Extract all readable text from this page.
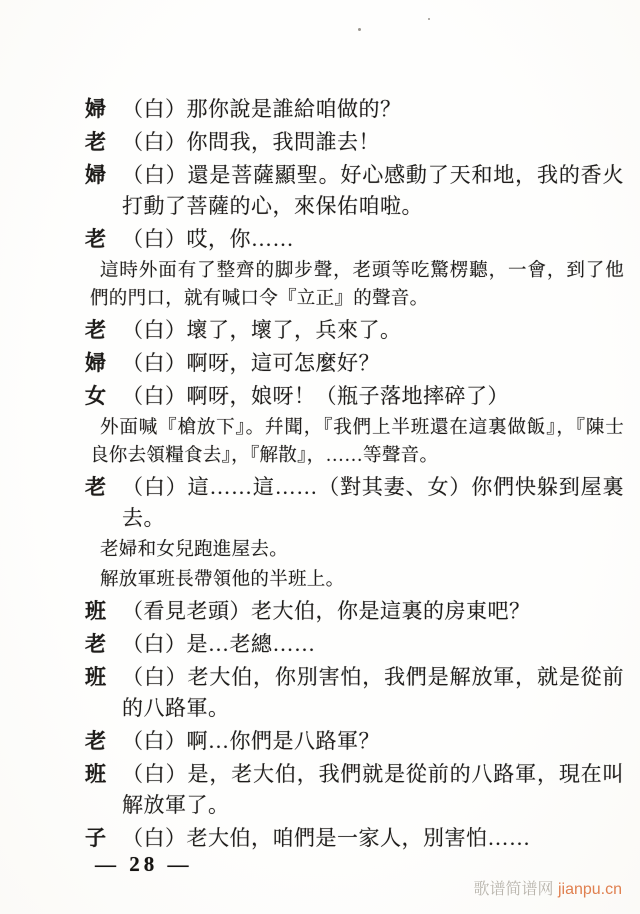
婦 （白）那你說是誰給咱做的？
老 （白）你問我，我問誰去！
婦 （白）還是菩薩顯聖。好心感動了天和地，我的香火打動了菩薩的心，來保佑咱啦。
老 （白）哎，你……
這時外面有了整齊的脚步聲，老頭等吃驚楞聽，一會，到了他們的門口，就有喊口令『立正』的聲音。
老 （白）壞了，壞了，兵來了。
婦 （白）啊呀，這可怎麼好？
女 （白）啊呀，娘呀！（瓶子落地摔碎了）
外面喊『槍放下』。幷聞，『我們上半班還在這裏做飯』，『陳士良你去領糧食去』，『解散』，……等聲音。
老 （白）這……這……（對其妻、女）你們快躲到屋裏去。
老婦和女兒跑進屋去。
解放軍班長帶領他的半班上。
班 （看見老頭）老大伯，你是這裏的房東吧？
老 （白）是…老總……
班 （白）老大伯，你別害怕，我們是解放軍，就是從前的八路軍。
老 （白）啊…你們是八路軍？
班 （白）是，老大伯，我們就是從前的八路軍，現在叫解放軍了。
子 （白）老大伯，咱們是一家人，別害怕……
— 28 —
歌谱简谱网 jianpu.cn
